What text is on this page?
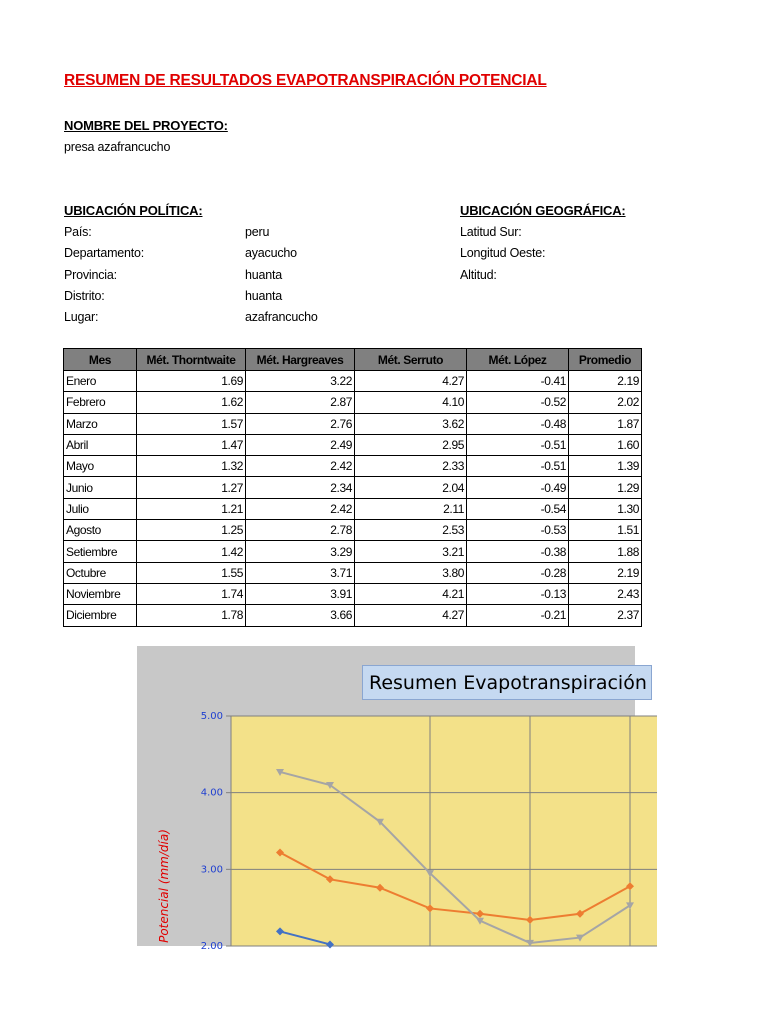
RESUMEN DE RESULTADOS EVAPOTRANSPIRACIÓN POTENCIAL
NOMBRE DEL PROYECTO:
presa azafrancucho
UBICACIÓN POLÍTICA:	UBICACIÓN GEOGRÁFICA:
País:	peru
Departamento:	ayacucho
Provincia:	huanta
Distrito:	huanta
Lugar:	azafrancucho
Latitud Sur:
Longitud Oeste:
Altitud:
Mes	Mét. Thorntwaite	Mét. Hargreaves	Mét. Serruto	Mét. López	Promedio
Enero	1.69	3.22	4.27	-0.41	2.19
Febrero	1.62	2.87	4.10	-0.52	2.02
Marzo	1.57	2.76	3.62	-0.48	1.87
Abril	1.47	2.49	2.95	-0.51	1.60
Mayo	1.32	2.42	2.33	-0.51	1.39
Junio	1.27	2.34	2.04	-0.49	1.29
Julio	1.21	2.42	2.11	-0.54	1.30
Agosto	1.25	2.78	2.53	-0.53	1.51
Setiembre	1.42	3.29	3.21	-0.38	1.88
Octubre	1.55	3.71	3.80	-0.28	2.19
Noviembre	1.74	3.91	4.21	-0.13	2.43
Diciembre	1.78	3.66	4.27	-0.21	2.37
5.00
4.00
3.00
2.00
Potencial (mm/día)
Resumen Evapotranspiración
